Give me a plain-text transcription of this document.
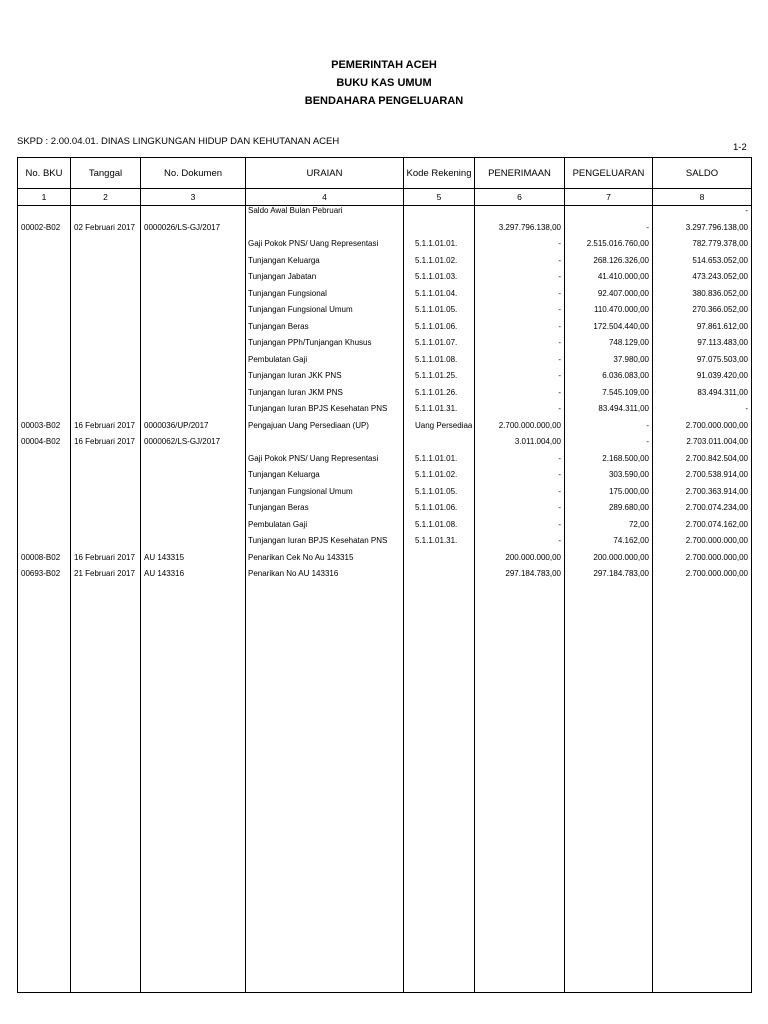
PEMERINTAH ACEH
BUKU KAS UMUM
BENDAHARA PENGELUARAN
SKPD : 2.00.04.01. DINAS LINGKUNGAN HIDUP DAN KEHUTANAN ACEH
1-2
No. BKU	Tanggal	No. Dokumen	URAIAN	Kode Rekening	PENERIMAAN	PENGELUARAN	SALDO
1	2	3	4	5	6	7	8
			Saldo Awal Bulan Pebruari				-
00002-B02	02 Februari 2017	0000026/LS-GJ/2017			3.297.796.138,00	-	3.297.796.138,00
			Gaji Pokok PNS/ Uang Representasi	5.1.1.01.01.	-	2.515.016.760,00	782.779.378,00
			Tunjangan Keluarga	5.1.1.01.02.	-	268.126.326,00	514.653.052,00
			Tunjangan Jabatan	5.1.1.01.03.	-	41.410.000,00	473.243.052,00
			Tunjangan Fungsional	5.1.1.01.04.	-	92.407.000,00	380.836.052,00
			Tunjangan Fungsional Umum	5.1.1.01.05.	-	110.470.000,00	270.366.052,00
			Tunjangan Beras	5.1.1.01.06.	-	172.504.440,00	97.861.612,00
			Tunjangan PPh/Tunjangan Khusus	5.1.1.01.07.	-	748.129,00	97.113.483,00
			Pembulatan Gaji	5.1.1.01.08.	-	37.980,00	97.075.503,00
			Tunjangan Iuran JKK PNS	5.1.1.01.25.	-	6.036.083,00	91.039.420,00
			Tunjangan Iuran JKM PNS	5.1.1.01.26.	-	7.545.109,00	83.494.311,00
			Tunjangan Iuran BPJS Kesehatan PNS	5.1.1.01.31.	-	83.494.311,00	-
00003-B02	16 Februari 2017	0000036/UP/2017	Pengajuan Uang Persediaan (UP)	Uang Persediaa	2.700.000.000,00	-	2.700.000.000,00
00004-B02	16 Februari 2017	0000062/LS-GJ/2017			3.011.004,00	-	2.703.011.004,00
			Gaji Pokok PNS/ Uang Representasi	5.1.1.01.01.	-	2.168.500,00	2.700.842.504,00
			Tunjangan Keluarga	5.1.1.01.02.	-	303.590,00	2.700.538.914,00
			Tunjangan Fungsional Umum	5.1.1.01.05.	-	175.000,00	2.700.363.914,00
			Tunjangan Beras	5.1.1.01.06.	-	289.680,00	2.700.074.234,00
			Pembulatan Gaji	5.1.1.01.08.	-	72,00	2.700.074.162,00
			Tunjangan Iuran BPJS Kesehatan PNS	5.1.1.01.31.	-	74.162,00	2.700.000.000,00
00008-B02	16 Februari 2017	AU 143315	Penarikan Cek No Au 143315		200.000.000,00	200.000.000,00	2.700.000.000,00
00693-B02	21 Februari 2017	AU 143316	Penarikan No AU 143316		297.184.783,00	297.184.783,00	2.700.000.000,00
